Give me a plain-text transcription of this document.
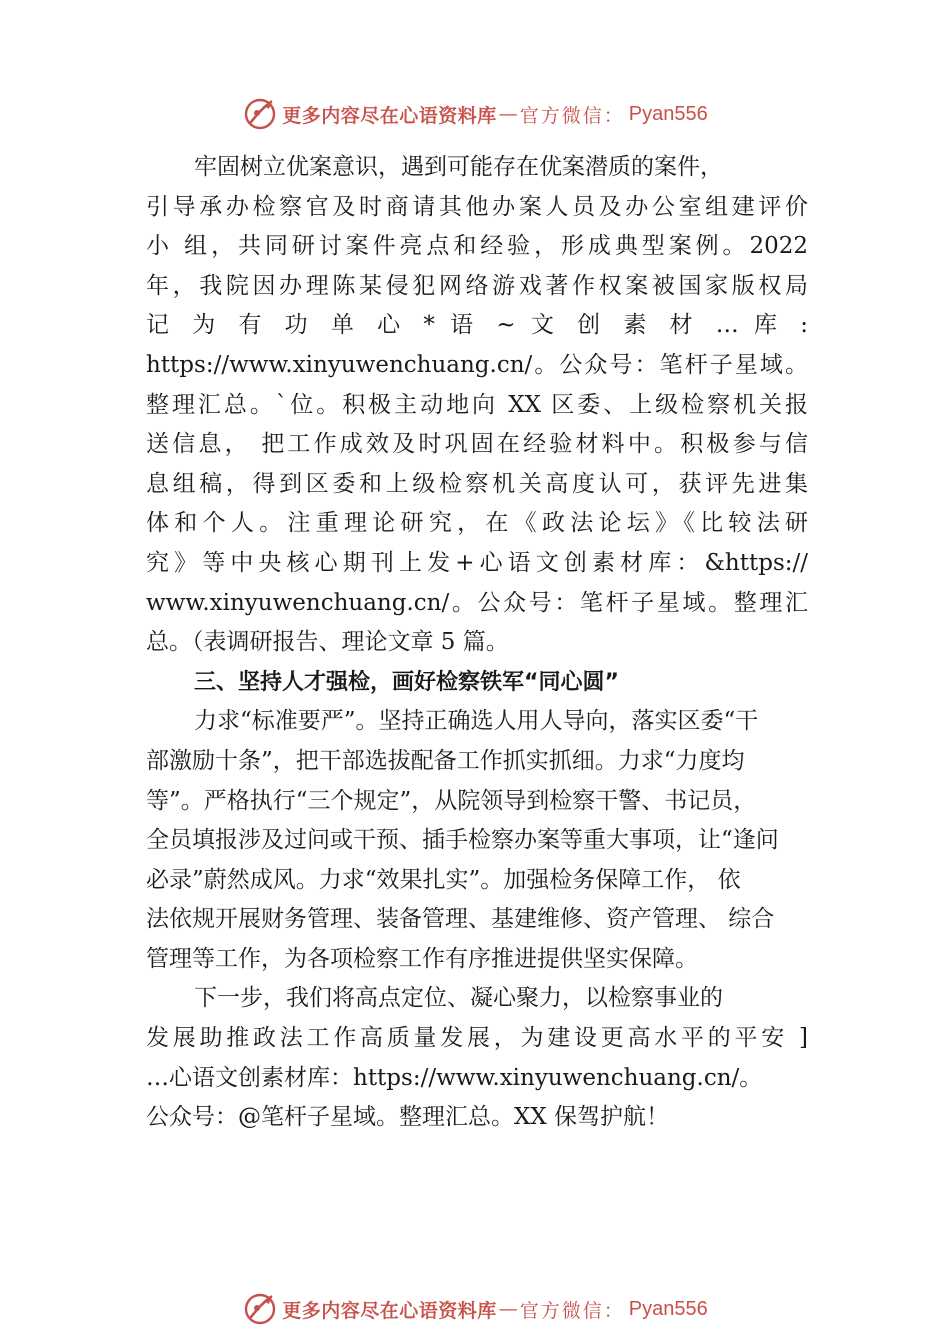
更多内容尽在心语资料库 — 官方微信： Pyan556
牢固树立优案意识，遇到可能存在优案潜质的案件，
引导承办检察官及时商请其他办案人员及办公室组建评价
小 组，共同研讨案件亮点和经验，形成典型案例。2022
年，我院因办理陈某侵犯网络游戏著作权案被国家版权局
记 为 有 功 单 心 * 语 ~ 文 创 素 材 … 库 :
https://www.xinyuwenchuang.cn/。公众号：笔杆子星域。
整理汇总。`位。积极主动地向 XX 区委、上级检察机关报
送信息， 把工作成效及时巩固在经验材料中。积极参与信
息组稿，得到区委和上级检察机关高度认可，获评先进集
体和个人。注重理论研究，在《政法论坛》《比较法研
究》等中央核心期刊上发+心语文创素材库：&https://
www.xinyuwenchuang.cn/。公众号：笔杆子星域。整理汇
总。（表调研报告、理论文章 5 篇。
三、坚持人才强检，画好检察铁军“同心圆”
力求“标准要严”。坚持正确选人用人导向，落实区委“干
部激励十条”，把干部选拔配备工作抓实抓细。力求“力度均
等”。严格执行“三个规定”，从院领导到检察干警、书记员，
全员填报涉及过问或干预、插手检察办案等重大事项，让“逢问
必录”蔚然成风。力求“效果扎实”。加强检务保障工作， 依
法依规开展财务管理、装备管理、基建维修、资产管理、 综合
管理等工作，为各项检察工作有序推进提供坚实保障。
下一步，我们将高点定位、凝心聚力，以检察事业的
发展助推政法工作高质量发展，为建设更高水平的平安 ]
…心语文创素材库：https://www.xinyuwenchuang.cn/。
公众号：@笔杆子星域。整理汇总。XX 保驾护航！
更多内容尽在心语资料库 — 官方微信： Pyan556
